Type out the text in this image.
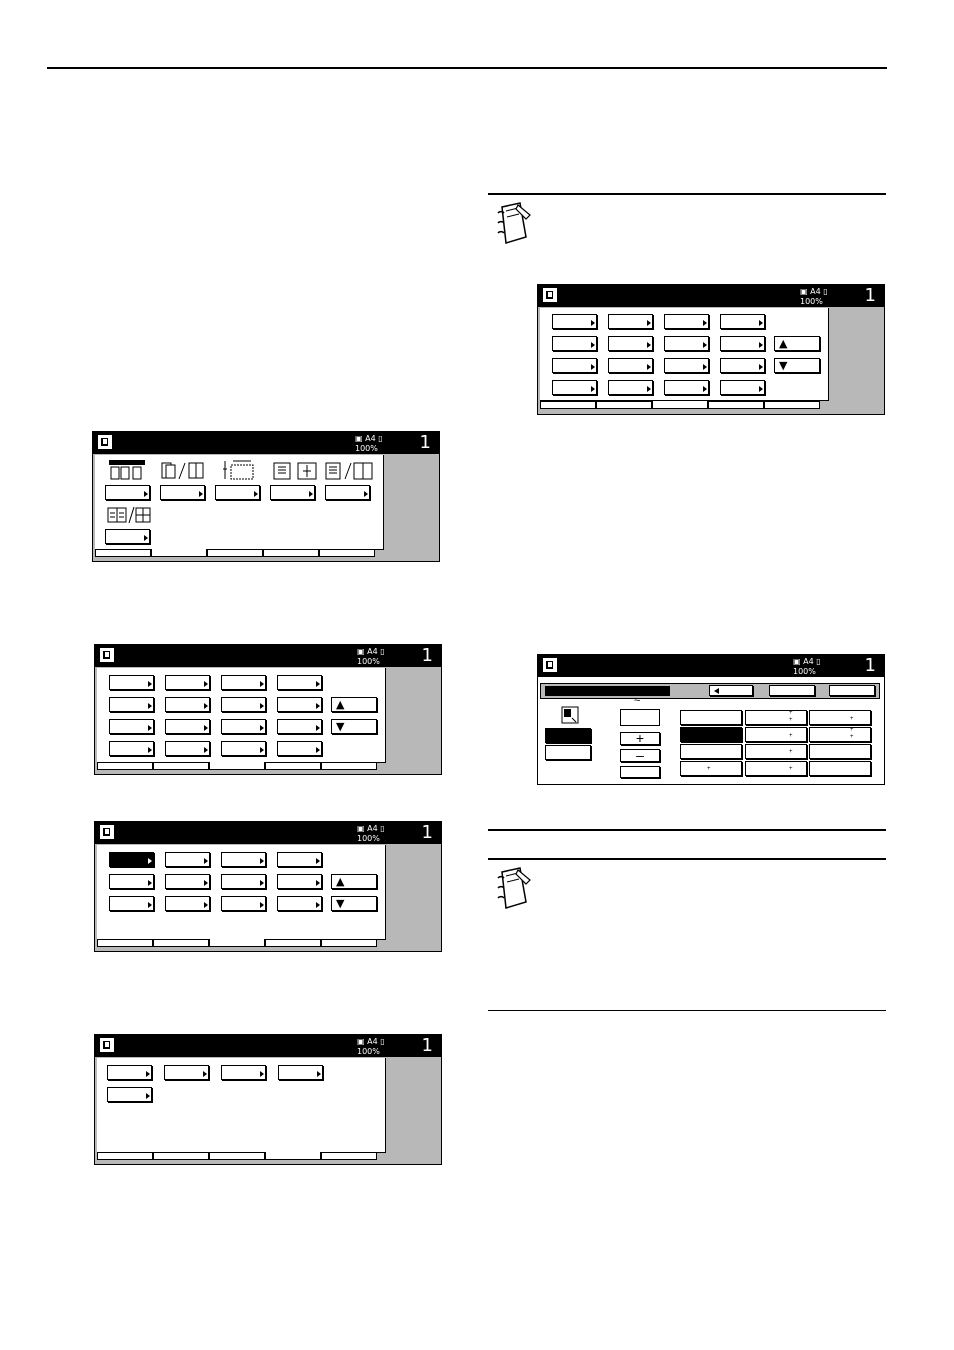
▣ A4 ▯
100% 1
▣ A4 ▯
100% 1
▲
▼
▣ A4 ▯
100% 1
▲
▼
▣ A4 ▯
100% 1
▣ A4 ▯
100% 1
▲
▼
▣ A4 ▯
100%	1
~
+
–
+
+	+
+
+
+
+
+	+
